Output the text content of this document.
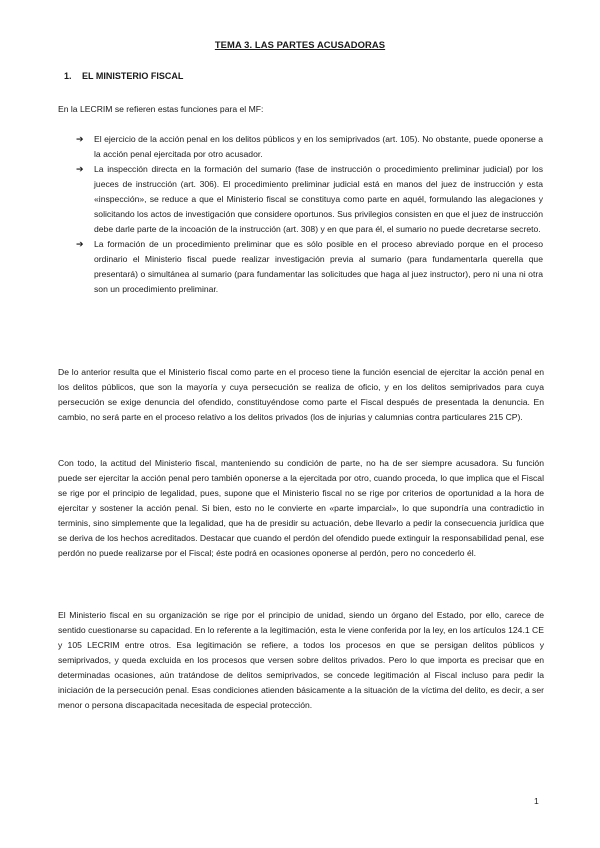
TEMA 3. LAS PARTES ACUSADORAS
1. EL MINISTERIO FISCAL
En la LECRIM se refieren estas funciones para el MF:
➔	El ejercicio de la acción penal en los delitos públicos y en los semiprivados (art. 105). No obstante, puede oponerse a la acción penal ejercitada por otro acusador.
➔	La inspección directa en la formación del sumario (fase de instrucción o procedimiento preliminar judicial) por los jueces de instrucción (art. 306). El procedimiento preliminar judicial está en manos del juez de instrucción y esta «inspección», se reduce a que el Ministerio fiscal se constituya como parte en aquél, formulando las alegaciones y solicitando los actos de investigación que considere oportunos. Sus privilegios consisten en que el juez de instrucción debe darle parte de la incoación de la instrucción (art. 308) y en que para él, el sumario no puede decretarse secreto.
➔	La formación de un procedimiento preliminar que es sólo posible en el proceso abreviado porque en el proceso ordinario el Ministerio fiscal puede realizar investigación previa al sumario (para fundamentarla querella que presentará) o simultánea al sumario (para fundamentar las solicitudes que haga al juez instructor), pero ni una ni otra son un procedimiento preliminar.

De lo anterior resulta que el Ministerio fiscal como parte en el proceso tiene la función esencial de ejercitar la acción penal en los delitos públicos, que son la mayoría y cuya persecución se realiza de oficio, y en los delitos semiprivados para cuya persecución se exige denuncia del ofendido, constituyéndose como parte el Fiscal después de presentada la denuncia. En cambio, no será parte en el proceso relativo a los delitos privados (los de injurias y calumnias contra particulares 215 CP).

Con todo, la actitud del Ministerio fiscal, manteniendo su condición de parte, no ha de ser siempre acusadora. Su función puede ser ejercitar la acción penal pero también oponerse a la ejercitada por otro, cuando proceda, lo que implica que el Fiscal se rige por el principio de legalidad, pues, supone que el Ministerio fiscal no se rige por criterios de oportunidad a la hora de ejercitar y sostener la acción penal. Si bien, esto no le convierte en «parte imparcial», lo que supondría una contradictio in terminis, sino simplemente que la legalidad, que ha de presidir su actuación, debe llevarlo a pedir la consecuencia jurídica que se deriva de los hechos acreditados. Destacar que cuando el perdón del ofendido puede extinguir la responsabilidad penal, ese perdón no puede realizarse por el Fiscal; éste podrá en ocasiones oponerse al perdón, pero no concederlo él.

El Ministerio fiscal en su organización se rige por el principio de unidad, siendo un órgano del Estado, por ello, carece de sentido cuestionarse su capacidad. En lo referente a la legitimación, esta le viene conferida por la ley, en los artículos 124.1 CE y 105 LECRIM entre otros. Esa legitimación se refiere, a todos los procesos en que se persigan delitos públicos y semiprivados, y queda excluida en los procesos que versen sobre delitos privados. Pero lo que importa es precisar que en determinadas ocasiones, aún tratándose de delitos semiprivados, se concede legitimación al Fiscal incluso para pedir la iniciación de la persecución penal. Esas condiciones atienden básicamente a la situación de la víctima del delito, es decir, a ser menor o persona discapacitada necesitada de especial protección.

1
